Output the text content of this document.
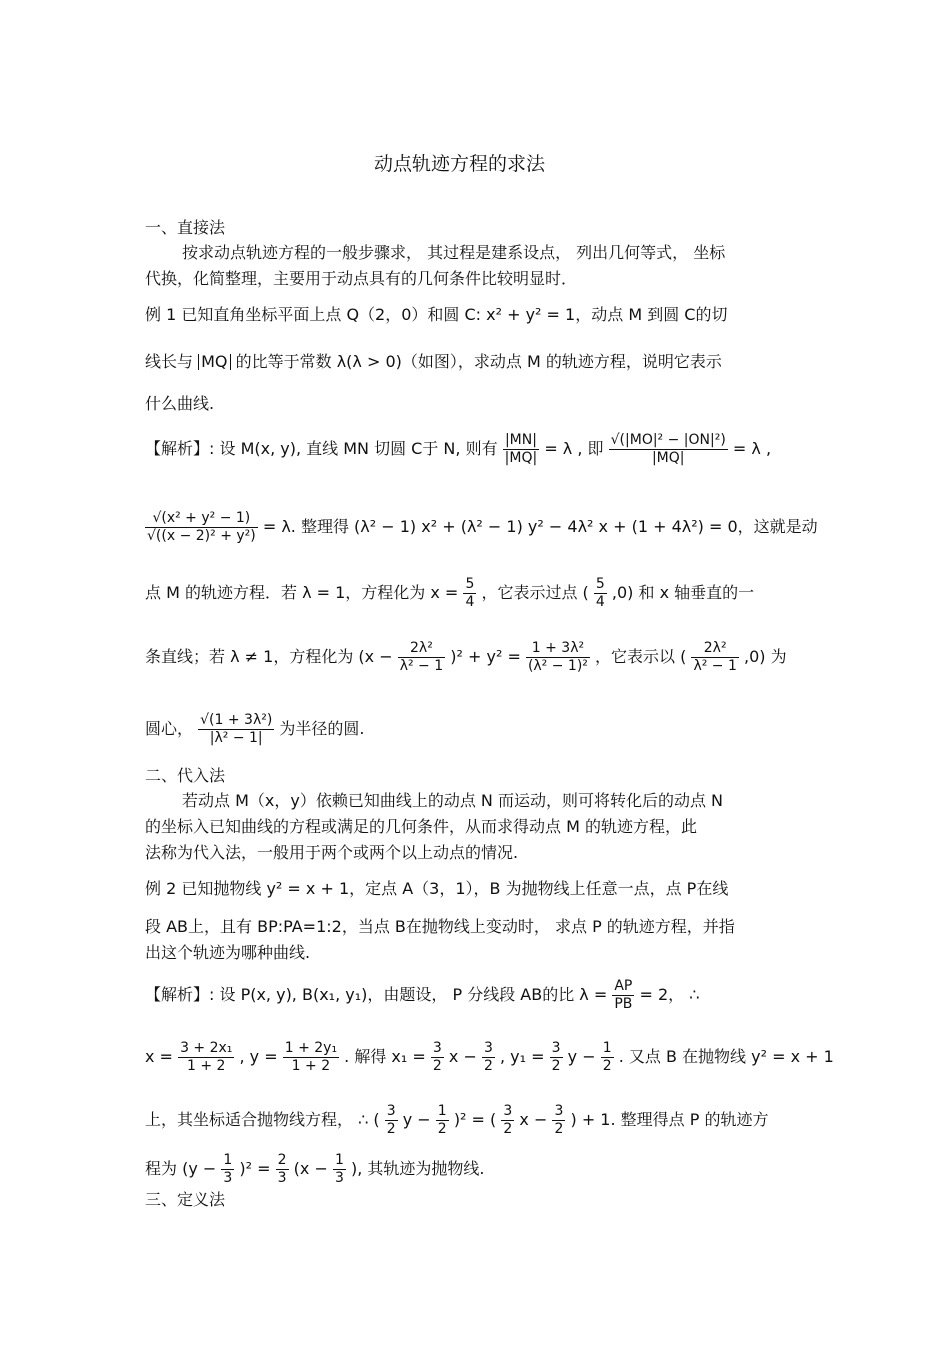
动点轨迹方程的求法
一、直接法
按求动点轨迹方程的一般步骤求， 其过程是建系设点， 列出几何等式， 坐标
代换，化简整理，主要用于动点具有的几何条件比较明显时．
例 1 已知直角坐标平面上点 Q（2，0）和圆 C: x² + y² = 1，动点 M 到圆 C的切
线长与 MQ 的比等于常数 λ(λ > 0)（如图），求动点 M 的轨迹方程，说明它表示
什么曲线.
【解析】: 设 M(x, y), 直线 MN 切圆 C于 N, 则有 $\frac{|MN|}{|MQ|} = \lambda$ , 即 $\frac{\text{√(|MO|² − |ON|²)}}{|MQ|} = \lambda$ ,
$\frac{\text{√(x² + y² − 1)}}{\text{√((x − 2)² + y²)}} = \lambda$. 整理得 (λ² − 1) x² + (λ² − 1) y² − 4λ² x + (1 + 4λ²) = 0，这就是动
点 M 的轨迹方程．若 λ = 1，方程化为 $x = \frac{5}{4}$ ，它表示过点 ( $\frac{5}{4} ,0$) 和 x 轴垂直的一
条直线；若 λ ≠ 1，方程化为 $(x - \frac{\text{2λ²}}{\text{λ² − 1}} )^2 + y^2 = \frac{\text{1 + 3λ²}}{\text{(λ² − 1)²}}$ ，它表示以 ( $\frac{\text{2λ²}}{\text{λ² − 1}} ,0$) 为
圆心， $\frac{\text{√(1 + 3λ²)}}{\text{|λ² − 1|}}$ 为半径的圆.
二、代入法
若动点 M（x，y）依赖已知曲线上的动点 N 而运动，则可将转化后的动点 N
的坐标入已知曲线的方程或满足的几何条件，从而求得动点 M 的轨迹方程，此
法称为代入法，一般用于两个或两个以上动点的情况.
例 2 已知抛物线 y² = x + 1，定点 A（3，1），B 为抛物线上任意一点，点 P在线
段 AB上，且有 BP:PA=1:2，当点 B在抛物线上变动时， 求点 P 的轨迹方程，并指
出这个轨迹为哪种曲线.
【解析】: 设 P(x, y), B(x₁, y₁)，由题设， P 分线段 AB的比 $\lambda = \frac{AP}{PB} = 2$， ∴
$x = \frac{\text{3 + 2x₁}}{1 + 2}$ , $y = \frac{\text{1 + 2y₁}}{1 + 2}$ . 解得 $x_1 = \frac{3}{2}$ $x - \frac{3}{2}$ , $y_1 = \frac{3}{2}$ $y - \frac{1}{2}$ . 又点 B 在抛物线 y² = x + 1
上，其坐标适合抛物线方程， ∴ ( $\frac{3}{2}$ $y - \frac{1}{2} )^2$ = ( $\frac{3}{2}$ $x - \frac{3}{2}$ ) + 1. 整理得点 P 的轨迹方
程为 $(y - \frac{1}{3} )^2 = \frac{2}{3} (x - \frac{1}{3}$ ), 其轨迹为抛物线.
三、定义法
